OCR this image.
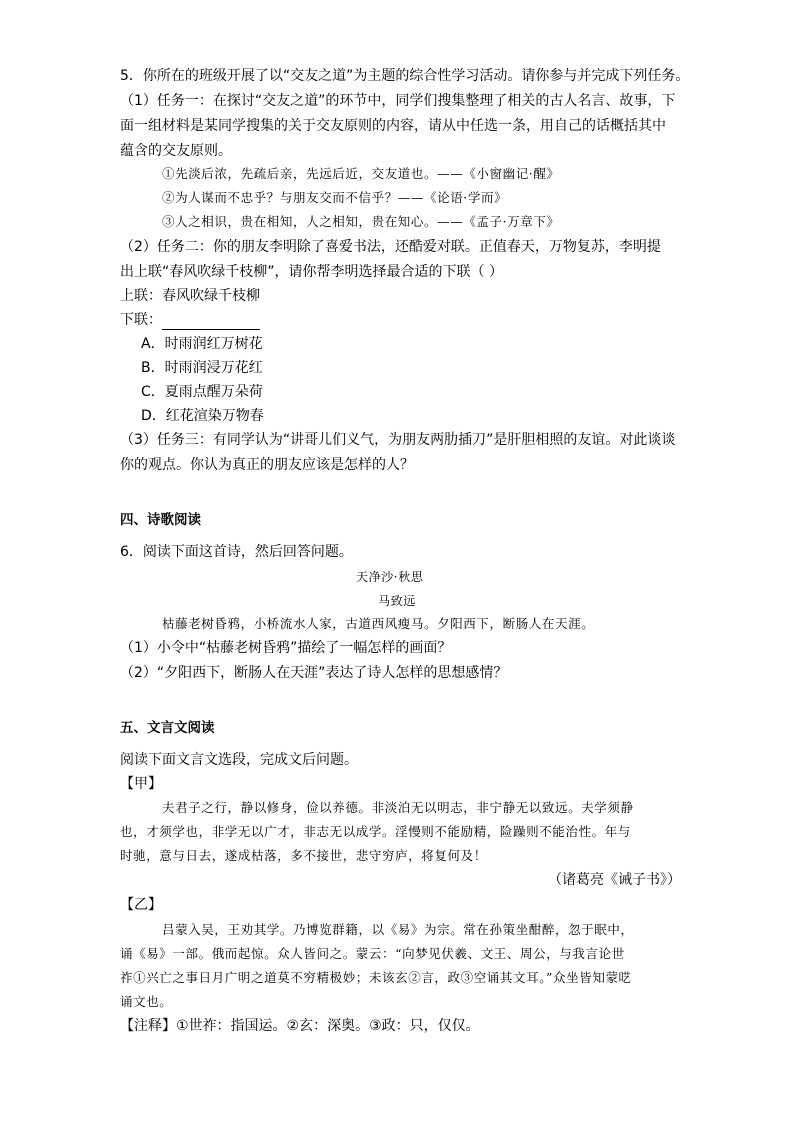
5．你所在的班级开展了以“交友之道”为主题的综合性学习活动。请你参与并完成下列任务。
（1）任务一：在探讨“交友之道”的环节中，同学们搜集整理了相关的古人名言、故事，下
面一组材料是某同学搜集的关于交友原则的内容，请从中任选一条，用自己的话概括其中
蕴含的交友原则。
①先淡后浓，先疏后亲，先远后近，交友道也。——《小窗幽记·醒》
②为人谋而不忠乎？与朋友交而不信乎？——《论语·学而》
③人之相识，贵在相知，人之相知，贵在知心。——《孟子·万章下》
（2）任务二：你的朋友李明除了喜爱书法，还酷爱对联。正值春天，万物复苏，李明提
出上联“春风吹绿千枝柳”，请你帮李明选择最合适的下联（ ）
上联：春风吹绿千枝柳
下联：
A．时雨润红万树花
B．时雨润浸万花红
C．夏雨点醒万朵荷
D．红花渲染万物春
（3）任务三：有同学认为“讲哥儿们义气，为朋友两肋插刀”是肝胆相照的友谊。对此谈谈
你的观点。你认为真正的朋友应该是怎样的人？
四、诗歌阅读
6．阅读下面这首诗，然后回答问题。
天净沙·秋思
马致远
枯藤老树昏鸦，小桥流水人家，古道西风瘦马。夕阳西下，断肠人在天涯。
（1）小令中“枯藤老树昏鸦”描绘了一幅怎样的画面？
（2）“夕阳西下，断肠人在天涯”表达了诗人怎样的思想感情？
五、文言文阅读
阅读下面文言文选段，完成文后问题。
【甲】
夫君子之行，静以修身，俭以养德。非淡泊无以明志，非宁静无以致远。夫学须静
也，才须学也，非学无以广才，非志无以成学。淫慢则不能励精，险躁则不能治性。年与
时驰，意与日去，遂成枯落，多不接世，悲守穷庐，将复何及！
（诸葛亮《诫子书》）
【乙】
吕蒙入吴，王劝其学。乃博览群籍，以《易》为宗。常在孙策坐酣醉，忽于眠中，
诵《易》一部。俄而起惊。众人皆问之。蒙云：“向梦见伏羲、文王、周公，与我言论世
祚①兴亡之事日月广明之道莫不穷精极妙；未该玄②言，政③空诵其文耳。”众坐皆知蒙呓
诵文也。
【注释】①世祚：指国运。②玄：深奥。③政：只，仅仅。
